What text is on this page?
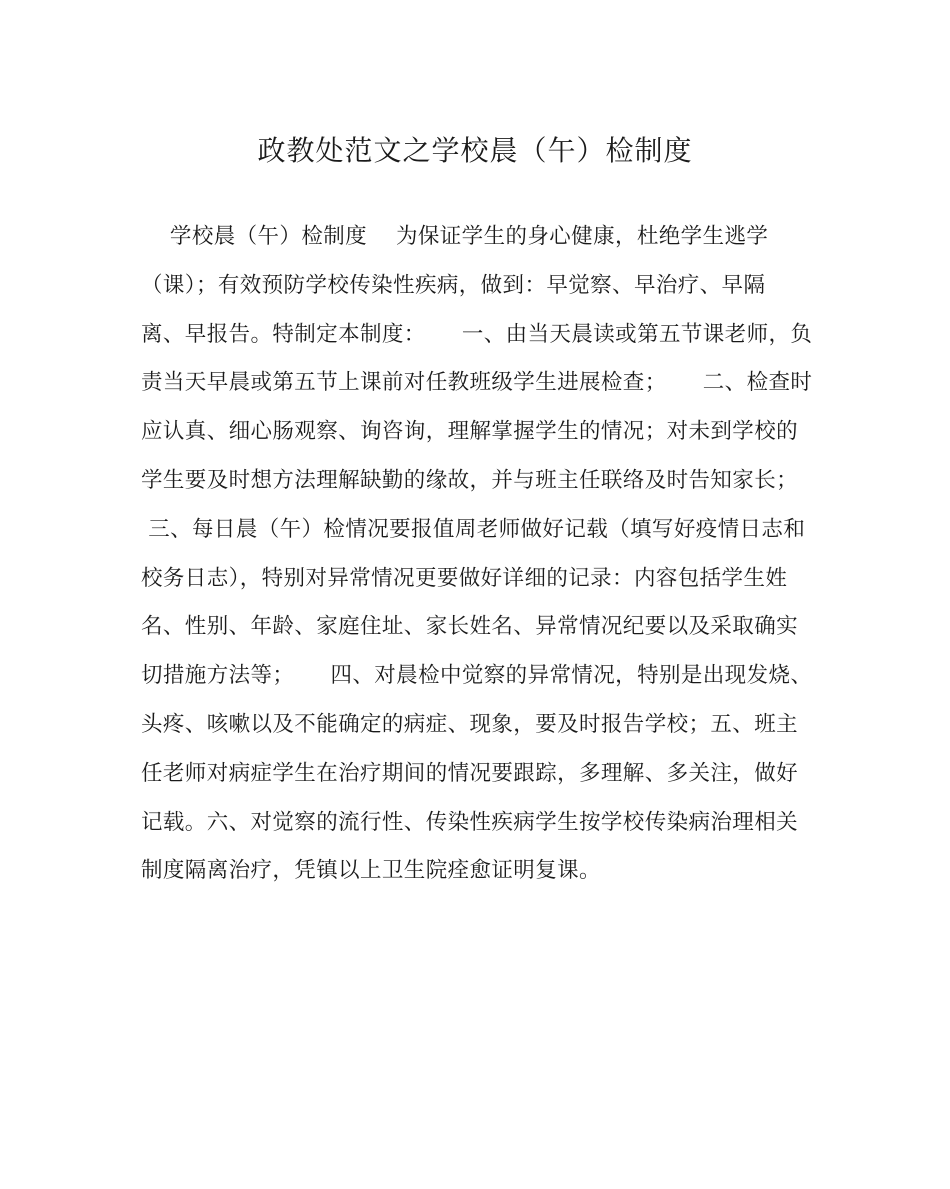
政教处范文之学校晨（午）检制度
学校晨（午）检制度    为保证学生的身心健康，杜绝学生逃学
（课）；有效预防学校传染性疾病，做到：早觉察、早治疗、早隔
离、早报告。特制定本制度：     一、由当天晨读或第五节课老师，负
责当天早晨或第五节上课前对任教班级学生进展检查；     二、检查时
应认真、细心肠观察、询咨询，理解掌握学生的情况；对未到学校的
学生要及时想方法理解缺勤的缘故，并与班主任联络及时告知家长；
三、每日晨（午）检情况要报值周老师做好记载（填写好疫情日志和
校务日志），特别对异常情况更要做好详细的记录：内容包括学生姓
名、性别、年龄、家庭住址、家长姓名、异常情况纪要以及采取确实
切措施方法等；     四、对晨检中觉察的异常情况，特别是出现发烧、
头疼、咳嗽以及不能确定的病症、现象，要及时报告学校；五、班主
任老师对病症学生在治疗期间的情况要跟踪，多理解、多关注，做好
记载。六、对觉察的流行性、传染性疾病学生按学校传染病治理相关
制度隔离治疗，凭镇以上卫生院痊愈证明复课。
